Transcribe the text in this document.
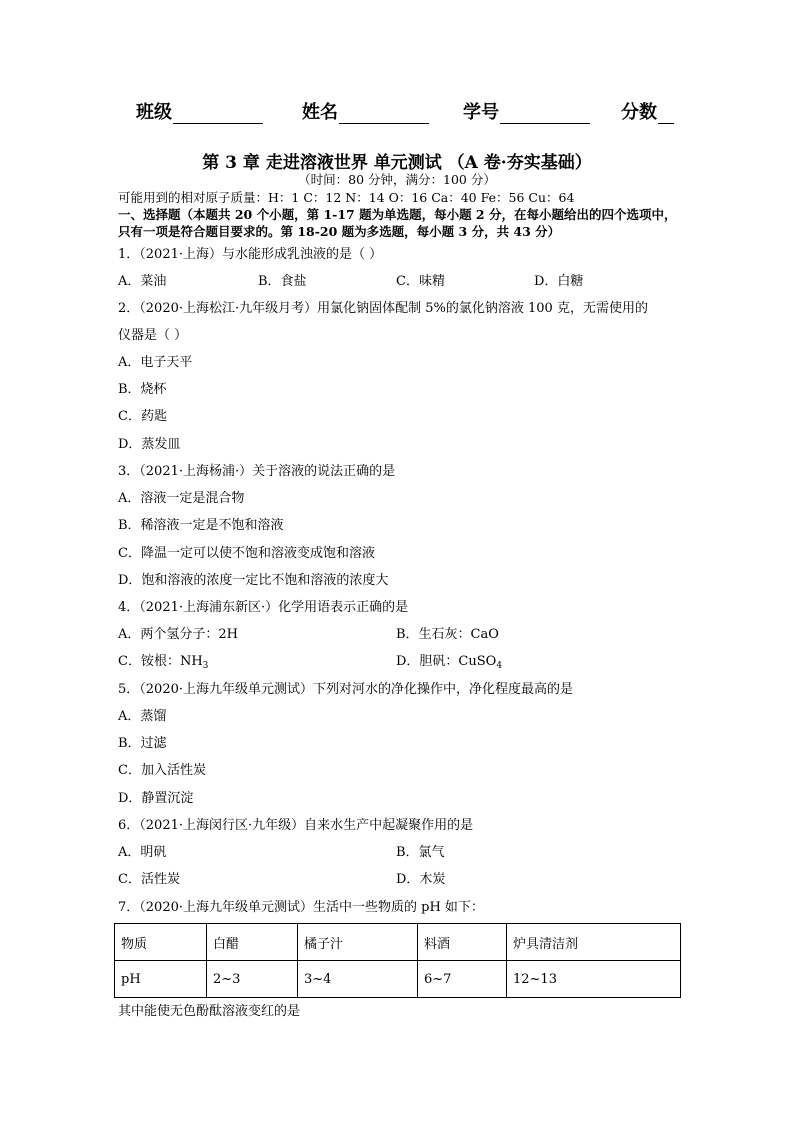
班级	姓名	学号	分数
第 3 章 走进溶液世界 单元测试 （A 卷·夯实基础）
（时间：80 分钟，满分：100 分）
可能用到的相对原子质量：H：1 C：12 N：14 O：16 Ca：40 Fe：56 Cu：64
一、选择题（本题共 20 个小题，第 1-17 题为单选题，每小题 2 分，在每小题给出的四个选项中，只有一项是符合题目要求的。第 18-20 题为多选题，每小题 3 分，共 43 分）
1．（2021·上海）与水能形成乳浊液的是（ ）
A．菜油	B．食盐	C．味精	D．白糖
2．（2020·上海松江·九年级月考）用氯化钠固体配制 5%的氯化钠溶液 100 克，无需使用的
仪器是（ ）
A．电子天平
B．烧杯
C．药匙
D．蒸发皿
3．（2021·上海杨浦·）关于溶液的说法正确的是
A．溶液一定是混合物
B．稀溶液一定是不饱和溶液
C．降温一定可以使不饱和溶液变成饱和溶液
D．饱和溶液的浓度一定比不饱和溶液的浓度大
4．（2021·上海浦东新区·）化学用语表示正确的是
A．两个氢分子：2H	B．生石灰：CaO
C．铵根：$NH_3$	D．胆矾：CuSO$_4$
5．（2020·上海九年级单元测试）下列对河水的净化操作中，净化程度最高的是
A．蒸馏
B．过滤
C．加入活性炭
D．静置沉淀
6．（2021·上海闵行区·九年级）自来水生产中起凝聚作用的是
A．明矾	B．氯气
C．活性炭	D．木炭
7．（2020·上海九年级单元测试）生活中一些物质的 pH 如下：
物质	白醋	橘子汁	料酒	炉具清洁剂
pH	2~3	3~4	6~7	12~13
其中能使无色酚酞溶液变红的是
